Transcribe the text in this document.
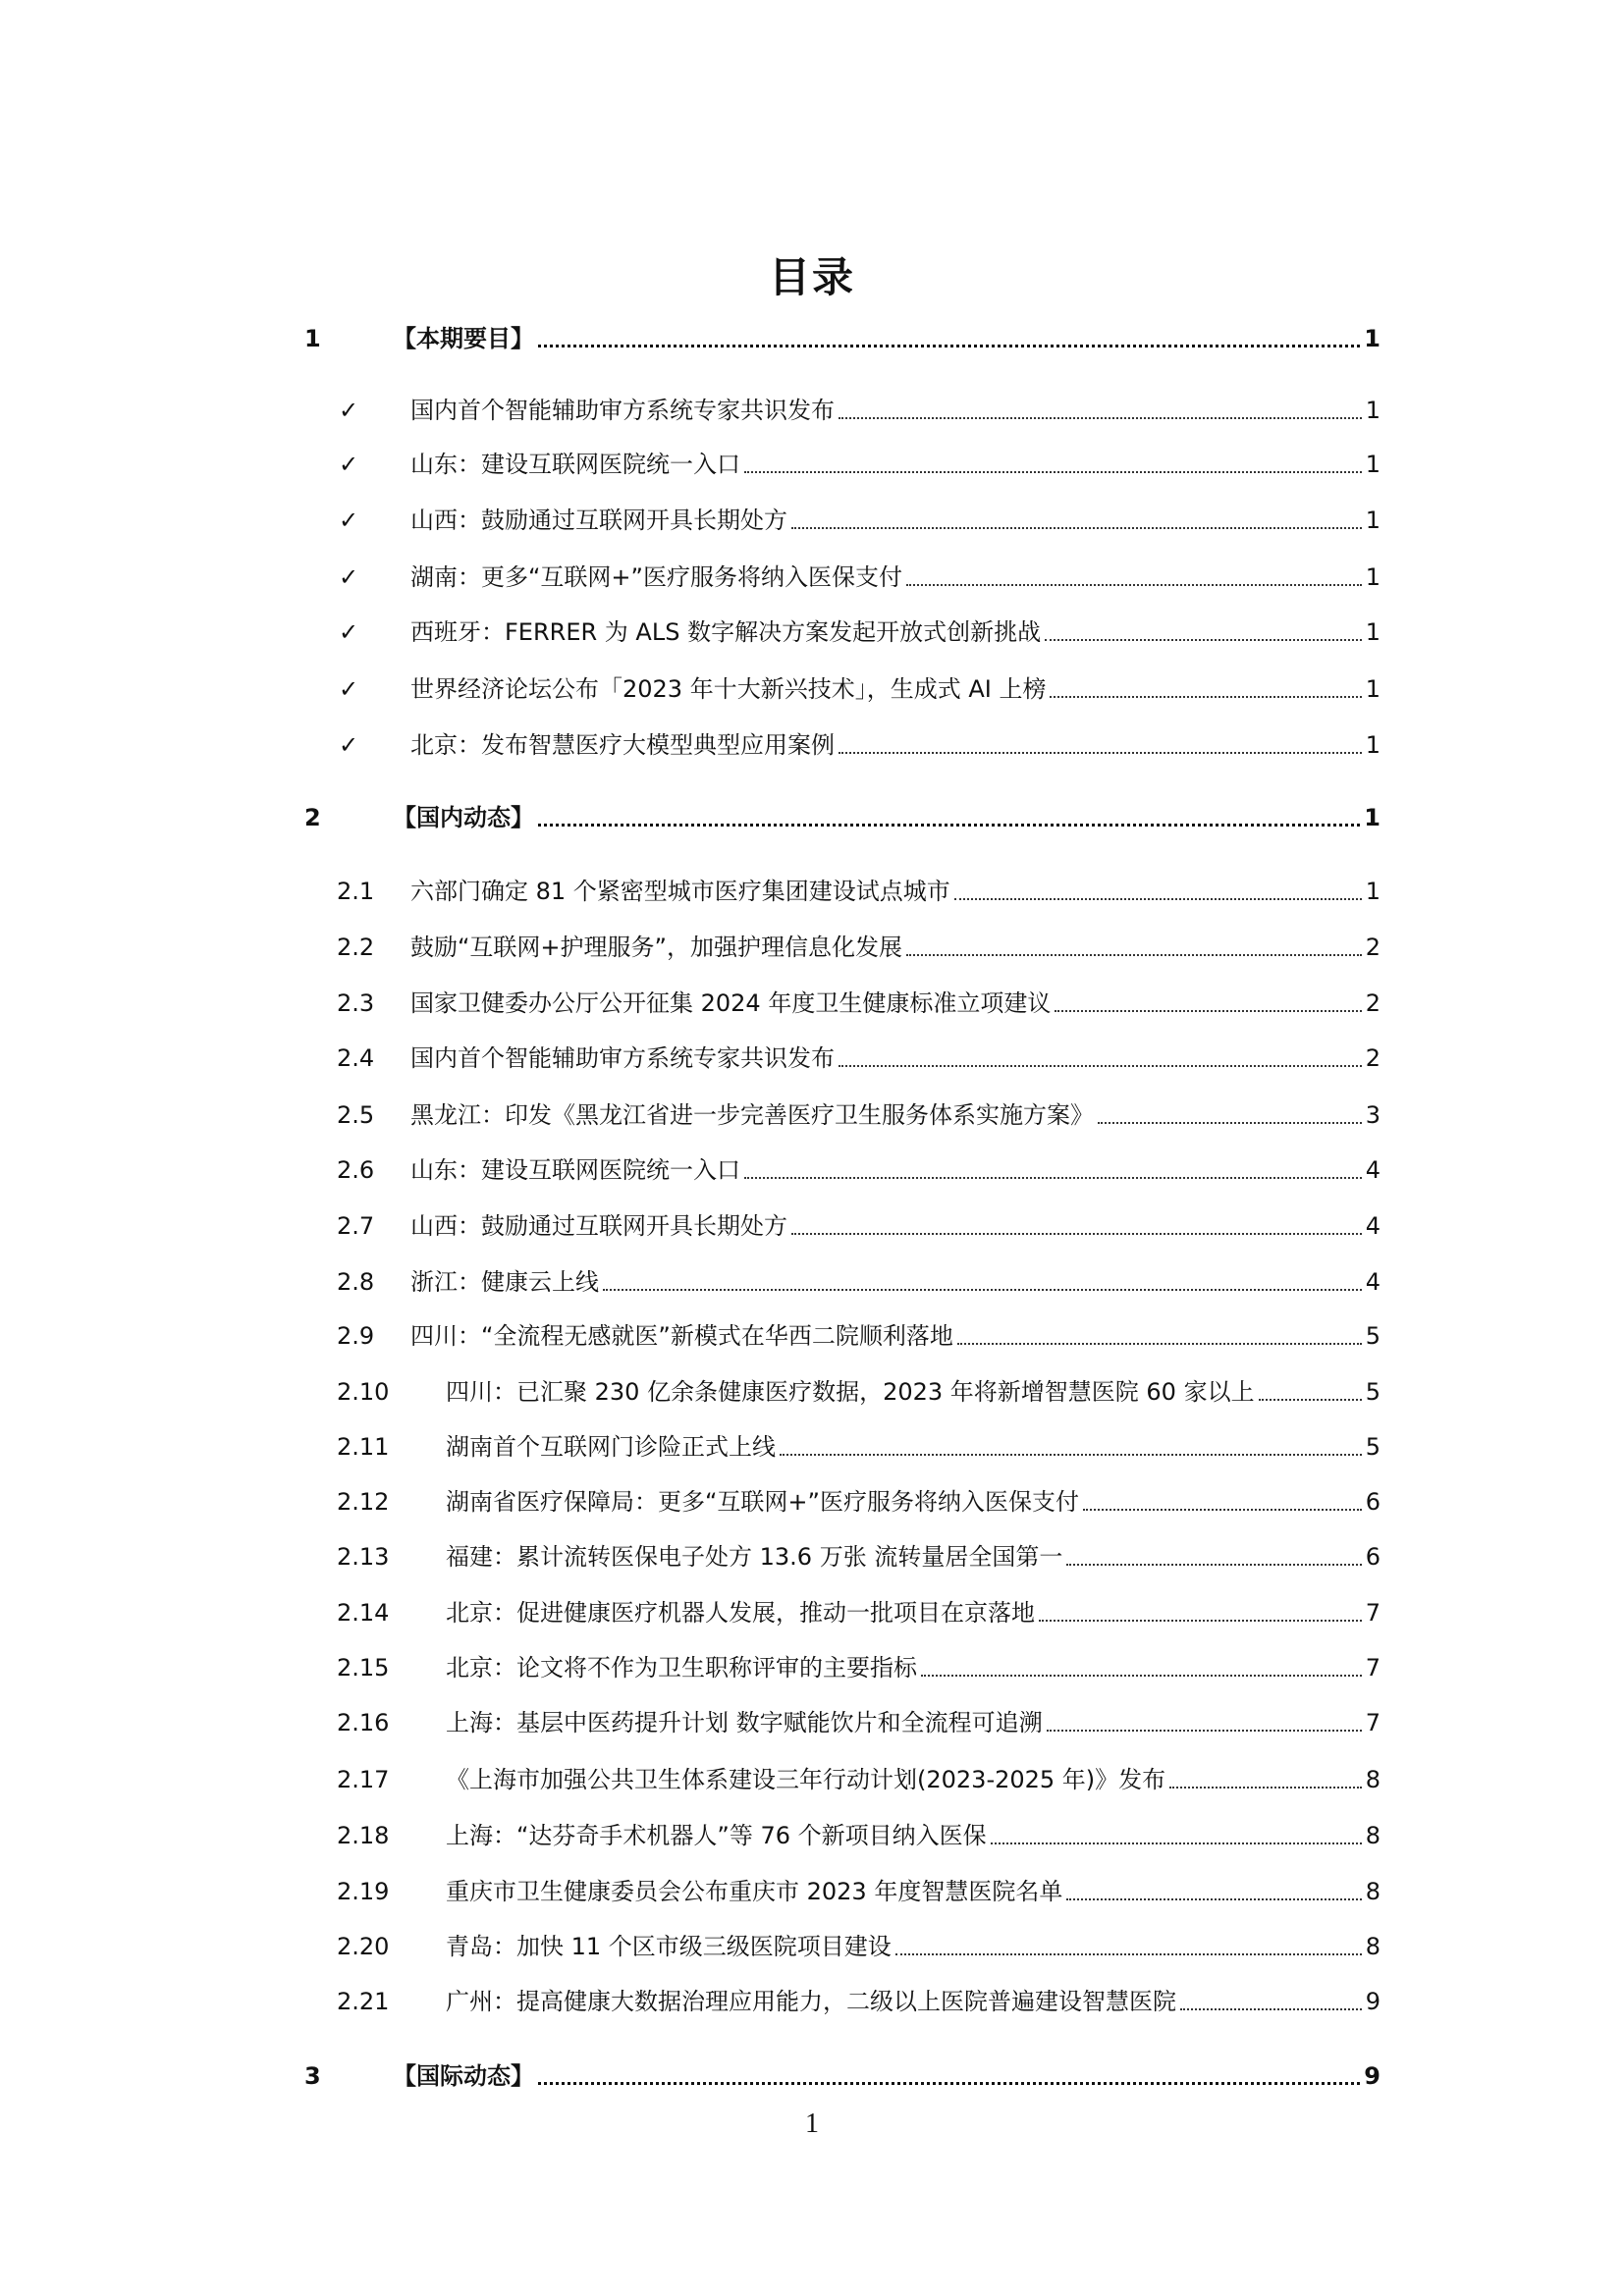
目录
1	【本期要目】	1
✓ 国内首个智能辅助审方系统专家共识发布	1
✓ 山东：建设互联网医院统一入口	1
✓ 山西：鼓励通过互联网开具长期处方	1
✓ 湖南：更多“互联网+”医疗服务将纳入医保支付	1
✓ 西班牙：FERRER 为 ALS 数字解决方案发起开放式创新挑战	1
✓ 世界经济论坛公布「2023 年十大新兴技术」，生成式 AI 上榜	1
✓ 北京：发布智慧医疗大模型典型应用案例	1
2	【国内动态】	1
2.1 六部门确定 81 个紧密型城市医疗集团建设试点城市	1
2.2 鼓励“互联网+护理服务”，加强护理信息化发展	2
2.3 国家卫健委办公厅公开征集 2024 年度卫生健康标准立项建议	2
2.4 国内首个智能辅助审方系统专家共识发布	2
2.5 黑龙江：印发《黑龙江省进一步完善医疗卫生服务体系实施方案》	3
2.6 山东：建设互联网医院统一入口	4
2.7 山西：鼓励通过互联网开具长期处方	4
2.8 浙江：健康云上线	4
2.9 四川：“全流程无感就医”新模式在华西二院顺利落地	5
2.10 四川：已汇聚 230 亿余条健康医疗数据，2023 年将新增智慧医院 60 家以上	5
2.11 湖南首个互联网门诊险正式上线	5
2.12 湖南省医疗保障局：更多“互联网+”医疗服务将纳入医保支付	6
2.13 福建：累计流转医保电子处方 13.6 万张 流转量居全国第一	6
2.14 北京：促进健康医疗机器人发展，推动一批项目在京落地	7
2.15 北京：论文将不作为卫生职称评审的主要指标	7
2.16 上海：基层中医药提升计划 数字赋能饮片和全流程可追溯	7
2.17 《上海市加强公共卫生体系建设三年行动计划(2023-2025 年)》发布	8
2.18 上海：“达芬奇手术机器人”等 76 个新项目纳入医保	8
2.19 重庆市卫生健康委员会公布重庆市 2023 年度智慧医院名单	8
2.20 青岛：加快 11 个区市级三级医院项目建设	8
2.21 广州：提高健康大数据治理应用能力，二级以上医院普遍建设智慧医院	9
3	【国际动态】	9
1
